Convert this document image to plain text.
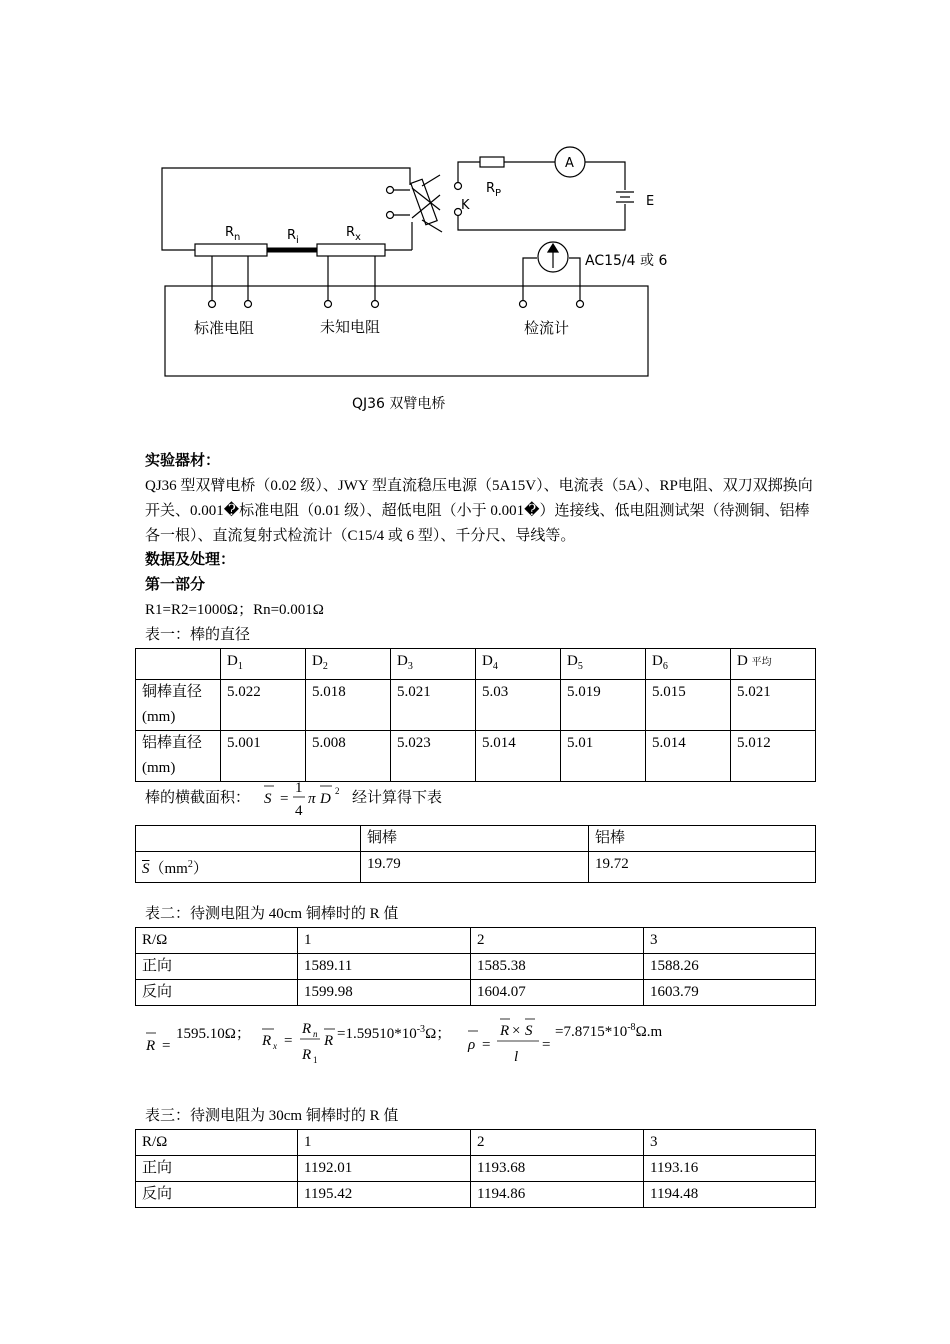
$R_n$	$R_i$
$R_x$
$R_P$
A
E
K
AC15/4 或 6
标准电阻	未知电阻	检流计
QJ36 双臂电桥
实验器材：
QJ36 型双臂电桥（0.02 级）、JWY 型直流稳压电源（5A15V）、电流表（5A）、RP电阻、双刀双掷换向开关、0.001�标准电阻（0.01 级）、超低电阻（小于 0.001�）连接线、低电阻测试架（待测铜、铝棒各一根）、直流复射式检流计（C15/4 或 6 型）、千分尺、导线等。
数据及处理：
第一部分
R1=R2=1000Ω；Rn=0.001Ω
表一：棒的直径
	$D_1$	$D_2$	$D_3$	$D_4$	$D_5$	$D_6$	D 平均

铜棒直径
(mm)	5.022	5.018	5.021	5.03	5.019	5.015	5.021

铝棒直径
(mm)	5.001	5.008	5.023	5.014	5.01	5.014	5.012
棒的横截面积： S =
1
4
π D 2 经计算得下表
	铜棒	铝棒
$\overline{S}(mm^2)$	19.79	19.72
表二：待测电阻为 40cm 铜棒时的 R 值
R/Ω	1	2	3
正向	1589.11	1585.38	1588.26
反向	1599.98	1604.07	1603.79
R =
1595.10Ω； R x =
R n
R 1
$R =1.59510*10^{-3}\Omega$；
ρ =
R × S
l
=
$=7.8715*10^{-8}\Omega.m$
表三：待测电阻为 30cm 铜棒时的 R 值
R/Ω	1	2	3
正向	1192.01	1193.68	1193.16
反向	1195.42	1194.86	1194.48
